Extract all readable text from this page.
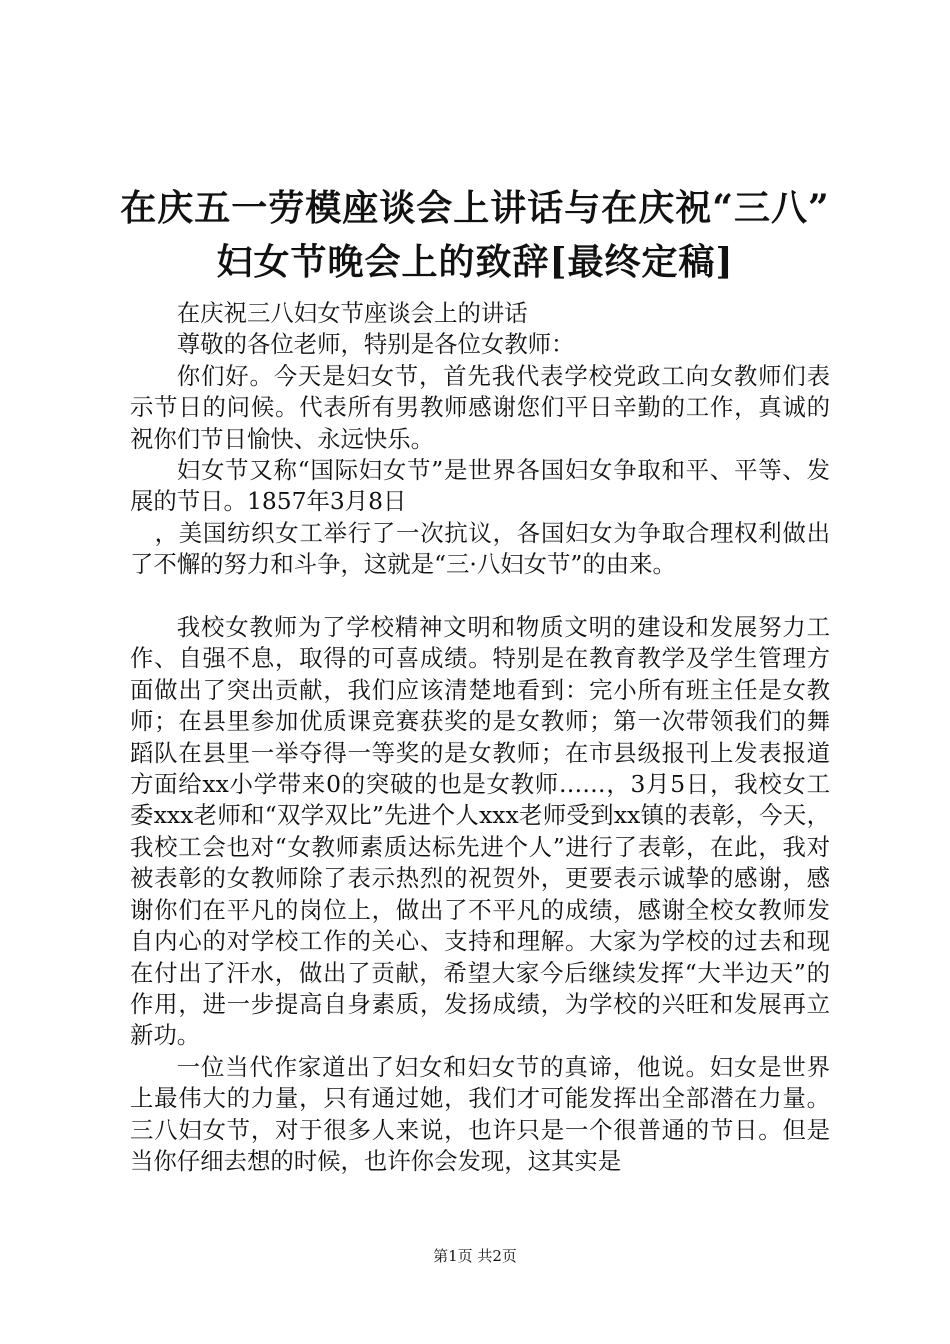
在庆五一劳模座谈会上讲话与在庆祝“三八”
妇女节晚会上的致辞[最终定稿]

在庆祝三八妇女节座谈会上的讲话

尊敬的各位老师，特别是各位女教师：

你们好。今天是妇女节，首先我代表学校党政工向女教师们表示节日的问候。代表所有男教师感谢您们平日辛勤的工作，真诚的祝你们节日愉快、永远快乐。

妇女节又称“国际妇女节”是世界各国妇女争取和平、平等、发展的节日。1857年3月8日

，美国纺织女工举行了一次抗议，各国妇女为争取合理权利做出了不懈的努力和斗争，这就是“三·八妇女节”的由来。

我校女教师为了学校精神文明和物质文明的建设和发展努力工作、自强不息，取得的可喜成绩。特别是在教育教学及学生管理方面做出了突出贡献，我们应该清楚地看到：完小所有班主任是女教师；在县里参加优质课竞赛获奖的是女教师；第一次带领我们的舞蹈队在县里一举夺得一等奖的是女教师；在市县级报刊上发表报道方面给xx小学带来0的突破的也是女教师……，3月5日，我校女工委xxx老师和“双学双比”先进个人xxx老师受到xx镇的表彰，今天，我校工会也对“女教师素质达标先进个人”进行了表彰，在此，我对被表彰的女教师除了表示热烈的祝贺外，更要表示诚挚的感谢，感谢你们在平凡的岗位上，做出了不平凡的成绩，感谢全校女教师发自内心的对学校工作的关心、支持和理解。大家为学校的过去和现在付出了汗水，做出了贡献，希望大家今后继续发挥“大半边天”的作用，进一步提高自身素质，发扬成绩，为学校的兴旺和发展再立新功。

一位当代作家道出了妇女和妇女节的真谛，他说。妇女是世界上最伟大的力量，只有通过她，我们才可能发挥出全部潜在力量。三八妇女节，对于很多人来说，也许只是一个很普通的节日。但是当你仔细去想的时候，也许你会发现，这其实是

第1页 共2页
